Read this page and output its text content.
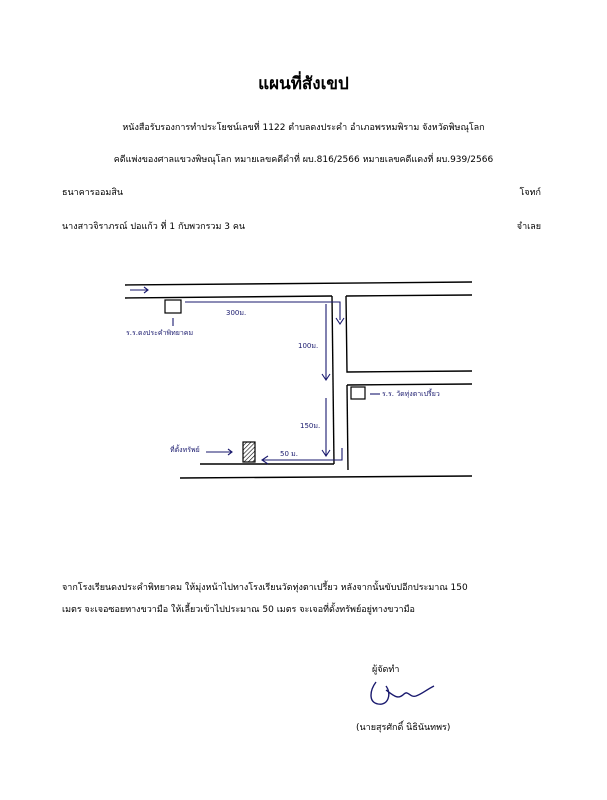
แผนที่สังเขป
หนังสือรับรองการทำประโยชน์เลขที่ 1122 ตำบลดงประคำ อำเภอพรหมพิราม จังหวัดพิษณุโลก
คดีแพ่งของศาลแขวงพิษณุโลก หมายเลขคดีดำที่ ผบ.816/2566 หมายเลขคดีแดงที่ ผบ.939/2566
ธนาคารออมสิน	โจทก์
นางสาวจิราภรณ์ ปอแก้ว ที่ 1 กับพวกรวม 3 คน	จำเลย
ร.ร.ดงประคำพิทยาคม
300ม.
100ม.
150ม.
50 ม.
ร.ร. วัดทุ่งตาเปรี้ยว
ที่ตั้งทรัพย์
จากโรงเรียนดงประคำพิทยาคม ให้มุ่งหน้าไปทางโรงเรียนวัดทุ่งตาเปรี้ยว หลังจากนั้นขับปอีกประมาณ 150
เมตร จะเจอซอยทางขวามือ ให้เลี้ยวเข้าไปประมาณ 50 เมตร จะเจอที่ดั้งทรัพย์อยู่ทางขวามือ
ผู้จัดทำ
(นายสุรศักดิ์ นิธินันทพร)
